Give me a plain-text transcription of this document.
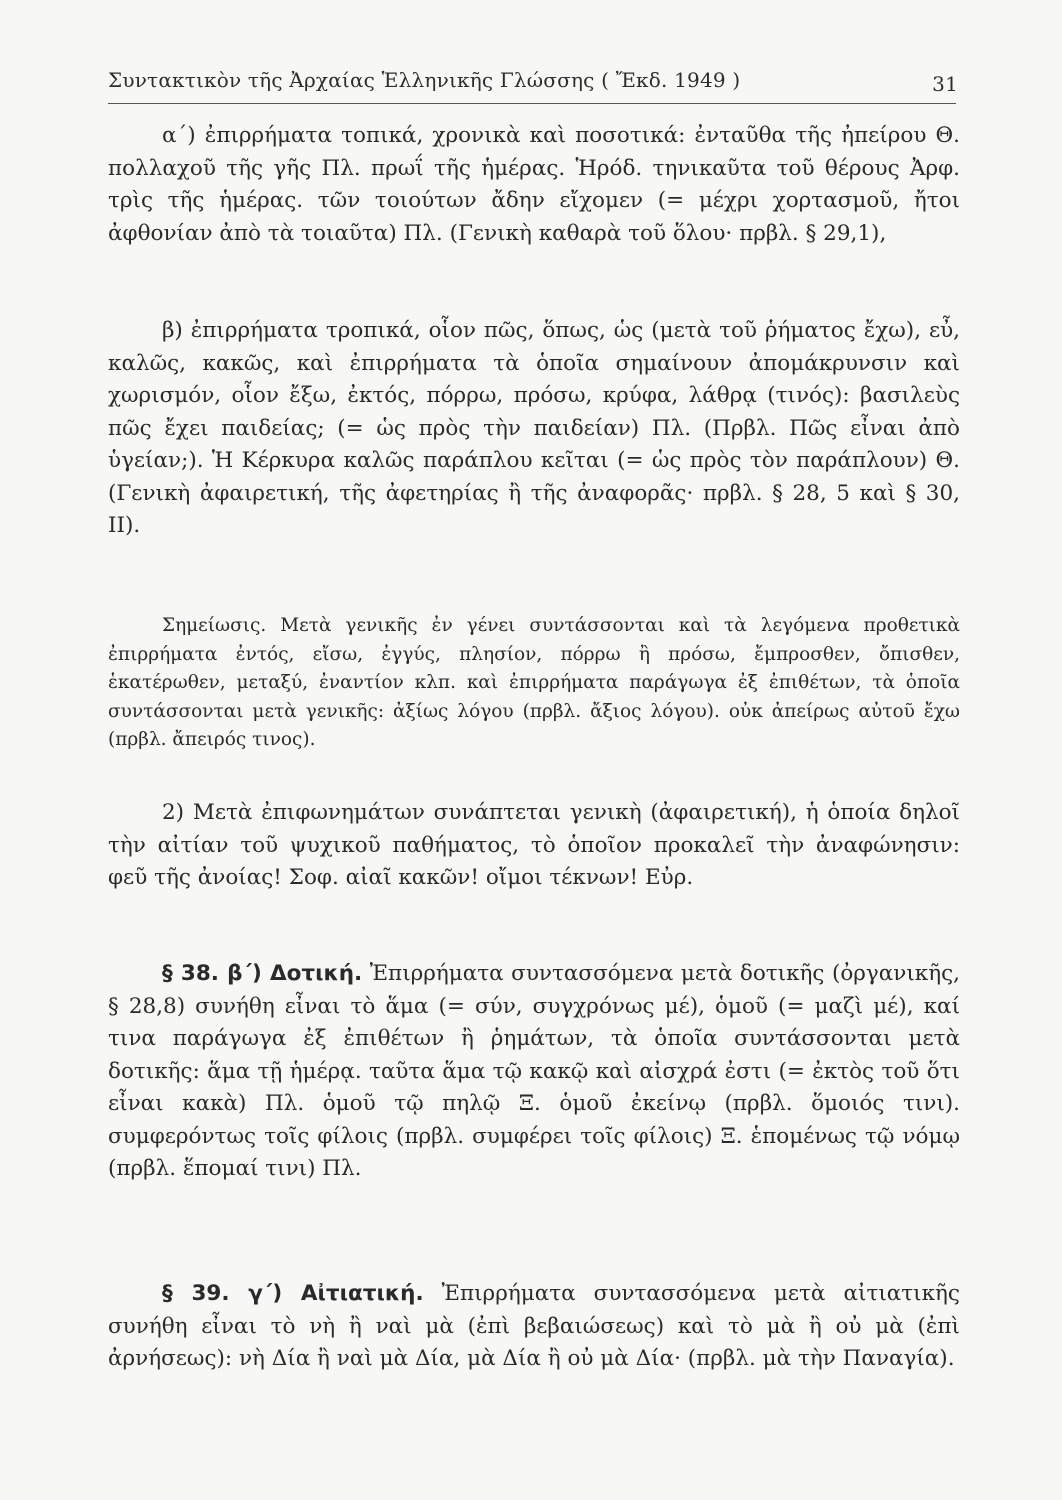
Συντακτικὸν τῆς Ἀρχαίας Ἑλληνικῆς Γλώσσης ( Ἔκδ. 1949 )	31

α΄) ἐπιρρήματα τοπικά, χρονικὰ καὶ ποσοτικά: ἐνταῦθα τῆς ἠπείρου Θ. πολλαχοῦ τῆς γῆς Πλ. πρωΐ τῆς ἡμέρας. Ἡρόδ. τηνικαῦτα τοῦ θέρους Ἀρφ. τρὶς τῆς ἡμέρας. τῶν τοιούτων ἄδην εἴχομεν (= μέχρι χορτασμοῦ, ἤτοι ἀφθονίαν ἀπὸ τὰ τοιαῦτα) Πλ. (Γενικὴ καθαρὰ τοῦ ὅλου· πρβλ. § 29,1),

β) ἐπιρρήματα τροπικά, οἷον πῶς, ὅπως, ὡς (μετὰ τοῦ ῥήματος ἔχω), εὖ, καλῶς, κακῶς, καὶ ἐπιρρήματα τὰ ὁποῖα σημαίνουν ἀπομάκρυνσιν καὶ χωρισμόν, οἷον ἔξω, ἐκτός, πόρρω, πρόσω, κρύφα, λάθρᾳ (τινός): βασιλεὺς πῶς ἔχει παιδείας; (= ὡς πρὸς τὴν παιδείαν) Πλ. (Πρβλ. Πῶς εἶναι ἀπὸ ὑγείαν;). Ἡ Κέρκυρα καλῶς παράπλου κεῖται (= ὡς πρὸς τὸν παράπλουν) Θ. (Γενικὴ ἀφαιρετική, τῆς ἀφετηρίας ἢ τῆς ἀναφορᾶς· πρβλ. § 28, 5 καὶ § 30, II).

Σημείωσις. Μετὰ γενικῆς ἐν γένει συντάσσονται καὶ τὰ λεγόμενα προθετικὰ ἐπιρρήματα ἐντός, εἴσω, ἐγγύς, πλησίον, πόρρω ἢ πρόσω, ἔμπροσθεν, ὄπισθεν, ἑκατέρωθεν, μεταξύ, ἐναντίον κλπ. καὶ ἐπιρρήματα παράγωγα ἐξ ἐπιθέτων, τὰ ὁποῖα συντάσσονται μετὰ γενικῆς: ἀξίως λόγου (πρβλ. ἄξιος λόγου). οὐκ ἀπείρως αὐτοῦ ἔχω (πρβλ. ἄπειρός τινος).

2) Μετὰ ἐπιφωνημάτων συνάπτεται γενικὴ (ἀφαιρετική), ἡ ὁποία δηλοῖ τὴν αἰτίαν τοῦ ψυχικοῦ παθήματος, τὸ ὁποῖον προκαλεῖ τὴν ἀναφώνησιν: φεῦ τῆς ἀνοίας! Σοφ. αἰαῖ κακῶν! οἴμοι τέκνων! Εὐρ.

§ 38. β΄) Δοτική. Ἐπιρρήματα συντασσόμενα μετὰ δοτικῆς (ὀργανικῆς, § 28,8) συνήθη εἶναι τὸ ἅμα (= σύν, συγχρόνως μέ), ὁμοῦ (= μαζὶ μέ), καί τινα παράγωγα ἐξ ἐπιθέτων ἢ ῥημάτων, τὰ ὁποῖα συντάσσονται μετὰ δοτικῆς: ἅμα τῇ ἡμέρᾳ. ταῦτα ἅμα τῷ κακῷ καὶ αἰσχρά ἐστι (= ἐκτὸς τοῦ ὅτι εἶναι κακὰ) Πλ. ὁμοῦ τῷ πηλῷ Ξ. ὁμοῦ ἐκείνῳ (πρβλ. ὅμοιός τινι). συμφερόντως τοῖς φίλοις (πρβλ. συμφέρει τοῖς φίλοις) Ξ. ἑπομένως τῷ νόμῳ (πρβλ. ἕπομαί τινι) Πλ.

§ 39. γ΄) Αἰτιατική. Ἐπιρρήματα συντασσόμενα μετὰ αἰτιατικῆς συνήθη εἶναι τὸ νὴ ἢ ναὶ μὰ (ἐπὶ βεβαιώσεως) καὶ τὸ μὰ ἢ οὐ μὰ (ἐπὶ ἀρνήσεως): νὴ Δία ἢ ναὶ μὰ Δία, μὰ Δία ἢ οὐ μὰ Δία· (πρβλ. μὰ τὴν Παναγία).
